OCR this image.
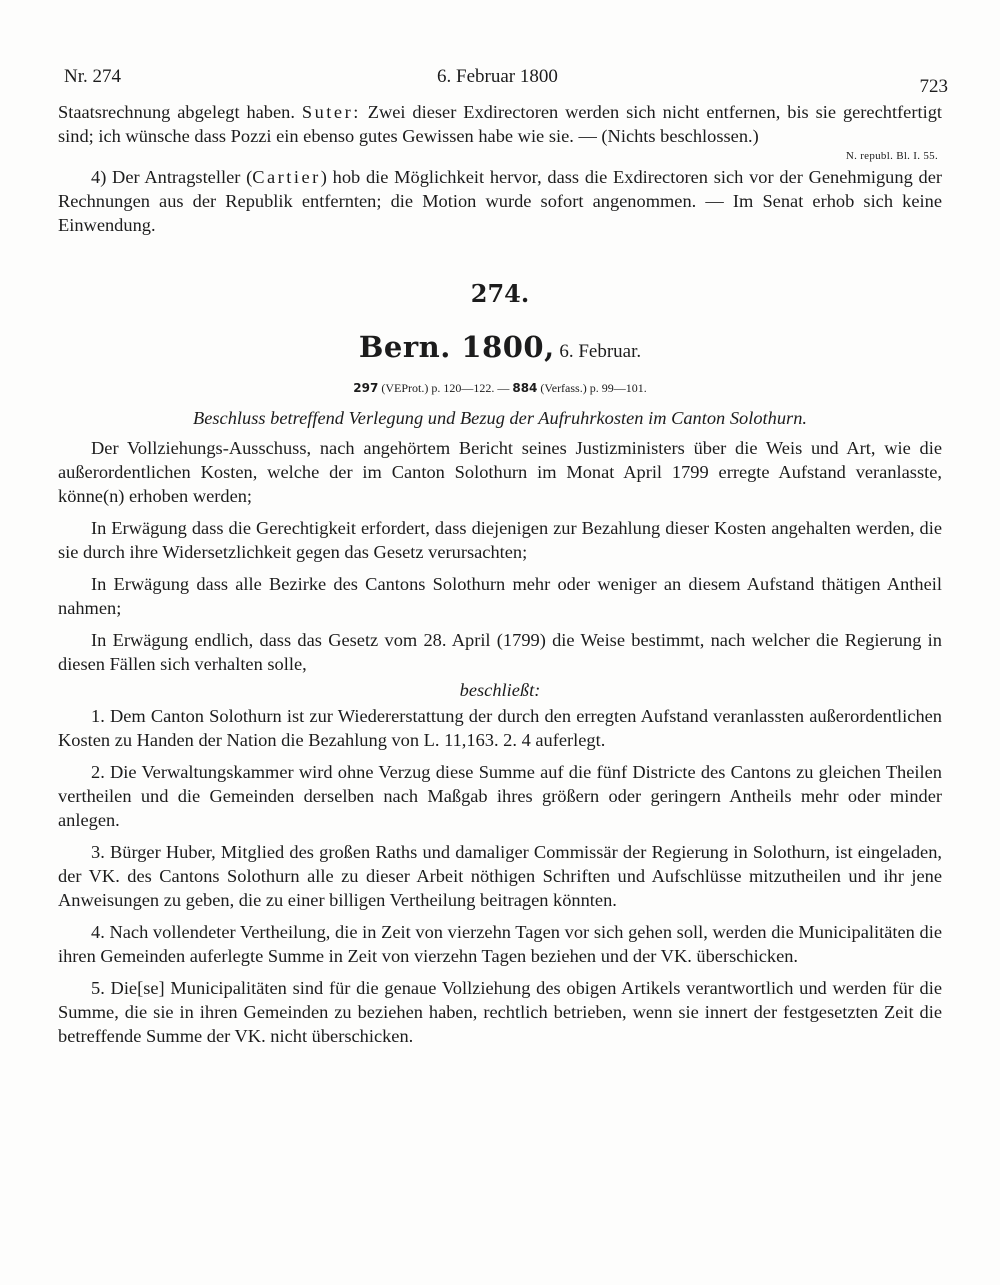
Nr. 274	6. Februar 1800	723

Staatsrechnung abgelegt haben. Suter: Zwei dieser Exdirectoren werden sich nicht entfernen, bis sie gerechtfertigt sind; ich wünsche dass Pozzi ein ebenso gutes Gewissen habe wie sie. — (Nichts beschlossen.)

N. republ. Bl. I. 55.

4) Der Antragsteller (Cartier) hob die Möglichkeit hervor, dass die Exdirectoren sich vor der Genehmigung der Rechnungen aus der Republik entfernten; die Motion wurde sofort angenommen. — Im Senat erhob sich keine Einwendung.

274.
Bern. 1800, 6. Februar.
297 (VEProt.) p. 120—122. — 884 (Verfass.) p. 99—101.
Beschluss betreffend Verlegung und Bezug der Aufruhrkosten im Canton Solothurn.

Der Vollziehungs-Ausschuss, nach angehörtem Bericht seines Justizministers über die Weis und Art, wie die außerordentlichen Kosten, welche der im Canton Solothurn im Monat April 1799 erregte Aufstand veranlasste, könne(n) erhoben werden;

In Erwägung dass die Gerechtigkeit erfordert, dass diejenigen zur Bezahlung dieser Kosten angehalten werden, die sie durch ihre Widersetzlichkeit gegen das Gesetz verursachten;

In Erwägung dass alle Bezirke des Cantons Solothurn mehr oder weniger an diesem Aufstand thätigen Antheil nahmen;

In Erwägung endlich, dass das Gesetz vom 28. April (1799) die Weise bestimmt, nach welcher die Regierung in diesen Fällen sich verhalten solle,

beschließt:

1. Dem Canton Solothurn ist zur Wiedererstattung der durch den erregten Aufstand veranlassten außerordentlichen Kosten zu Handen der Nation die Bezahlung von L. 11,163. 2. 4 auferlegt.

2. Die Verwaltungskammer wird ohne Verzug diese Summe auf die fünf Districte des Cantons zu gleichen Theilen vertheilen und die Gemeinden derselben nach Maßgab ihres größern oder geringern Antheils mehr oder minder anlegen.

3. Bürger Huber, Mitglied des großen Raths und damaliger Commissär der Regierung in Solothurn, ist eingeladen, der VK. des Cantons Solothurn alle zu dieser Arbeit nöthigen Schriften und Aufschlüsse mitzutheilen und ihr jene Anweisungen zu geben, die zu einer billigen Vertheilung beitragen könnten.

4. Nach vollendeter Vertheilung, die in Zeit von vierzehn Tagen vor sich gehen soll, werden die Municipalitäten die ihren Gemeinden auferlegte Summe in Zeit von vierzehn Tagen beziehen und der VK. überschicken.

5. Die[se] Municipalitäten sind für die genaue Vollziehung des obigen Artikels verantwortlich und werden für die Summe, die sie in ihren Gemeinden zu beziehen haben, rechtlich betrieben, wenn sie innert der festgesetzten Zeit die betreffende Summe der VK. nicht überschicken.
